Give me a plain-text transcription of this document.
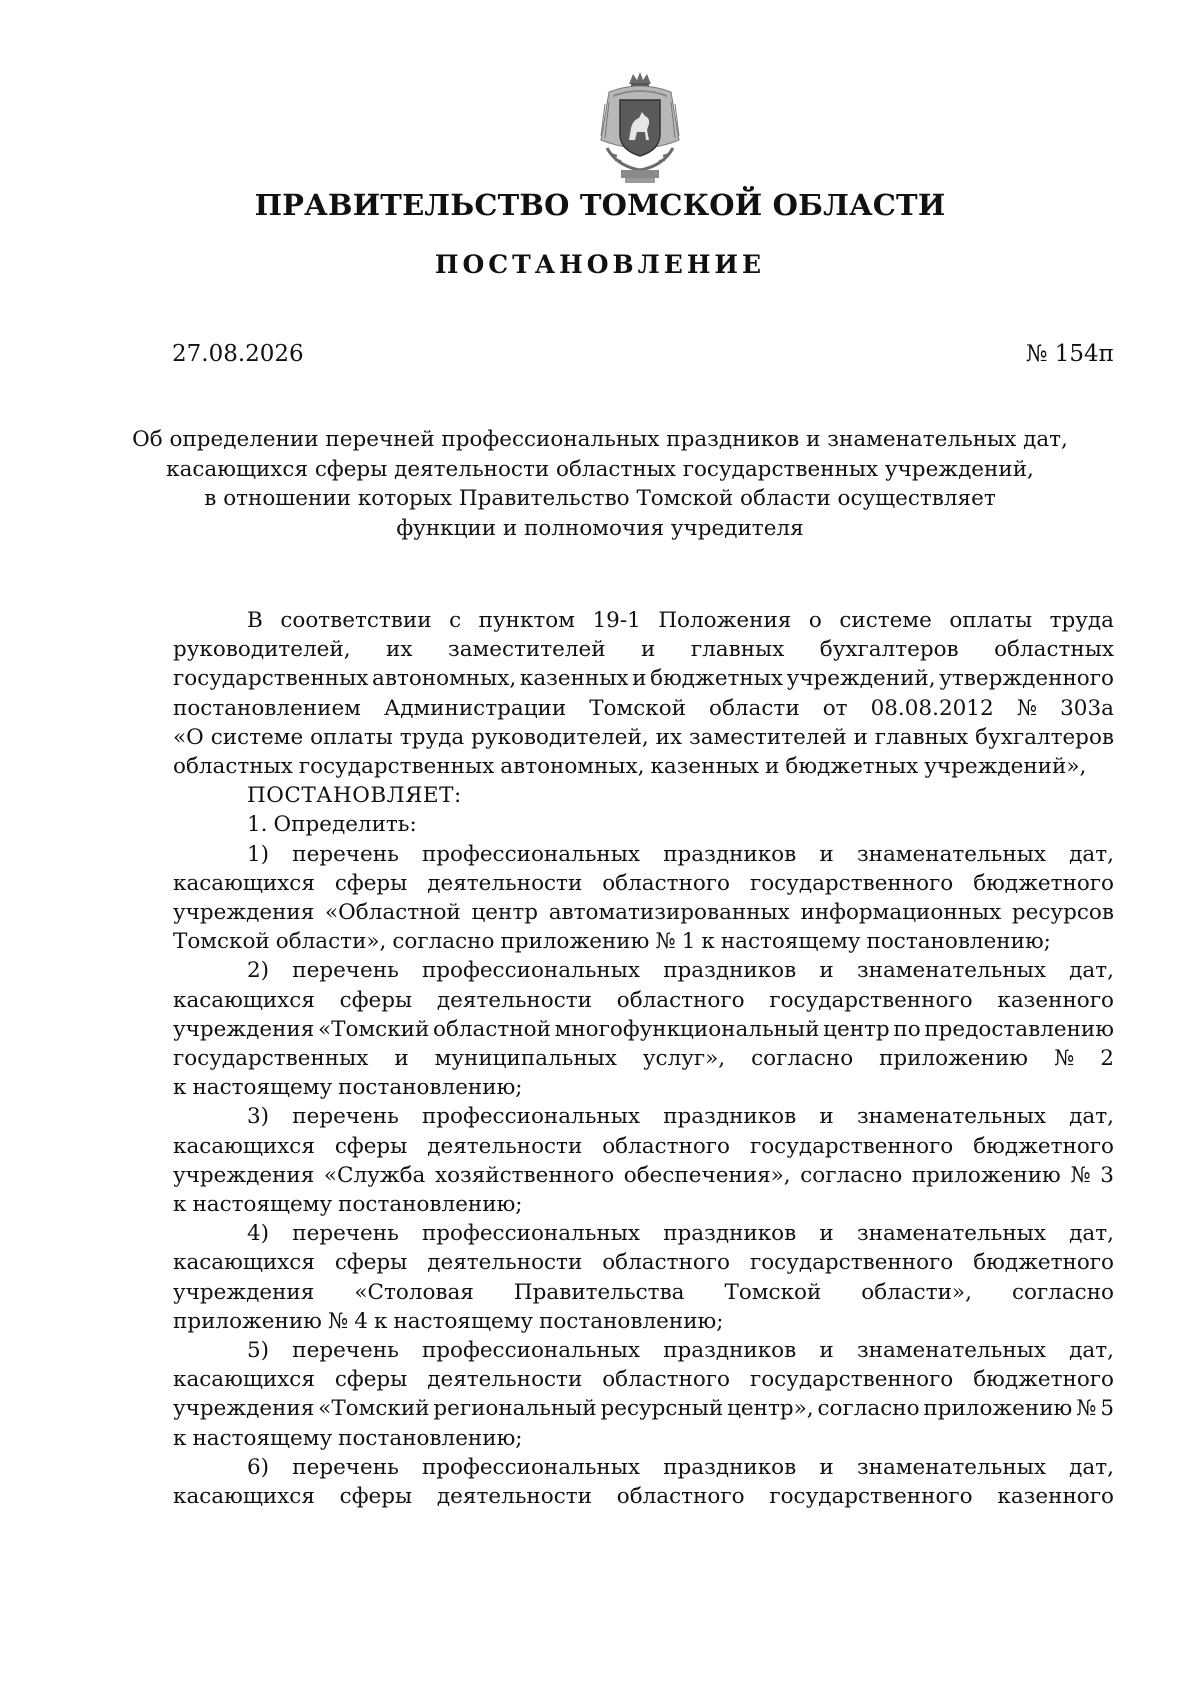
ПРАВИТЕЛЬСТВО ТОМСКОЙ ОБЛАСТИ
ПОСТАНОВЛЕНИЕ
27.08.2026	№ 154п
Об определении перечней профессиональных праздников и знаменательных дат,
касающихся сферы деятельности областных государственных учреждений,
в отношении которых Правительство Томской области осуществляет
функции и полномочия учредителя
В соответствии с пунктом 19-1 Положения о системе оплаты труда
руководителей, их заместителей и главных бухгалтеров областных
государственных автономных, казенных и бюджетных учреждений, утвержденного
постановлением Администрации Томской области от 08.08.2012 № 303а
«О системе оплаты труда руководителей, их заместителей и главных бухгалтеров
областных государственных автономных, казенных и бюджетных учреждений»,
ПОСТАНОВЛЯЕТ:
1. Определить:
1) перечень профессиональных праздников и знаменательных дат,
касающихся сферы деятельности областного государственного бюджетного
учреждения «Областной центр автоматизированных информационных ресурсов
Томской области», согласно приложению № 1 к настоящему постановлению;
2) перечень профессиональных праздников и знаменательных дат,
касающихся сферы деятельности областного государственного казенного
учреждения «Томский областной многофункциональный центр по предоставлению
государственных и муниципальных услуг», согласно приложению № 2
к настоящему постановлению;
3) перечень профессиональных праздников и знаменательных дат,
касающихся сферы деятельности областного государственного бюджетного
учреждения «Служба хозяйственного обеспечения», согласно приложению № 3
к настоящему постановлению;
4) перечень профессиональных праздников и знаменательных дат,
касающихся сферы деятельности областного государственного бюджетного
учреждения «Столовая Правительства Томской области», согласно
приложению № 4 к настоящему постановлению;
5) перечень профессиональных праздников и знаменательных дат,
касающихся сферы деятельности областного государственного бюджетного
учреждения «Томский региональный ресурсный центр», согласно приложению № 5
к настоящему постановлению;
6) перечень профессиональных праздников и знаменательных дат,
касающихся сферы деятельности областного государственного казенного
